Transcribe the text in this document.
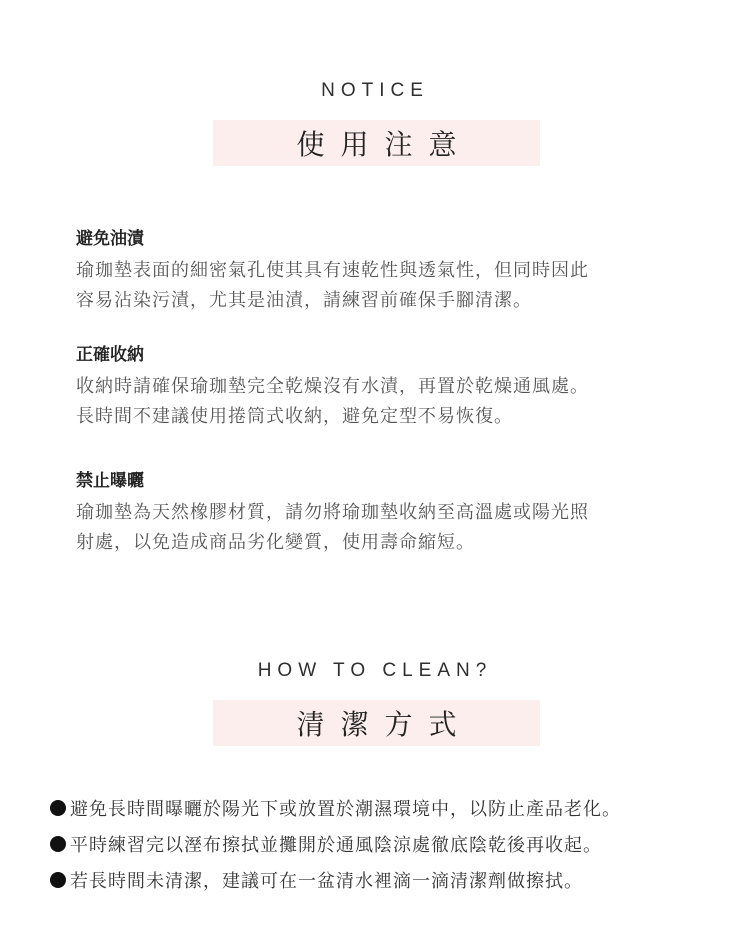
NOTICE
使用注意
避免油漬

瑜珈墊表面的細密氣孔使其具有速乾性與透氣性，但同時因此

容易沾染污漬，尤其是油漬，請練習前確保手腳清潔。

正確收納

收納時請確保瑜珈墊完全乾燥沒有水漬，再置於乾燥通風處。

長時間不建議使用捲筒式收納，避免定型不易恢復。

禁止曝曬

瑜珈墊為天然橡膠材質，請勿將瑜珈墊收納至高溫處或陽光照

射處，以免造成商品劣化變質，使用壽命縮短。

HOW TO CLEAN?
清潔方式
避免長時間曝曬於陽光下或放置於潮濕環境中，以防止產品老化。
平時練習完以溼布擦拭並攤開於通風陰涼處徹底陰乾後再收起。
若長時間未清潔，建議可在一盆清水裡滴一滴清潔劑做擦拭。
